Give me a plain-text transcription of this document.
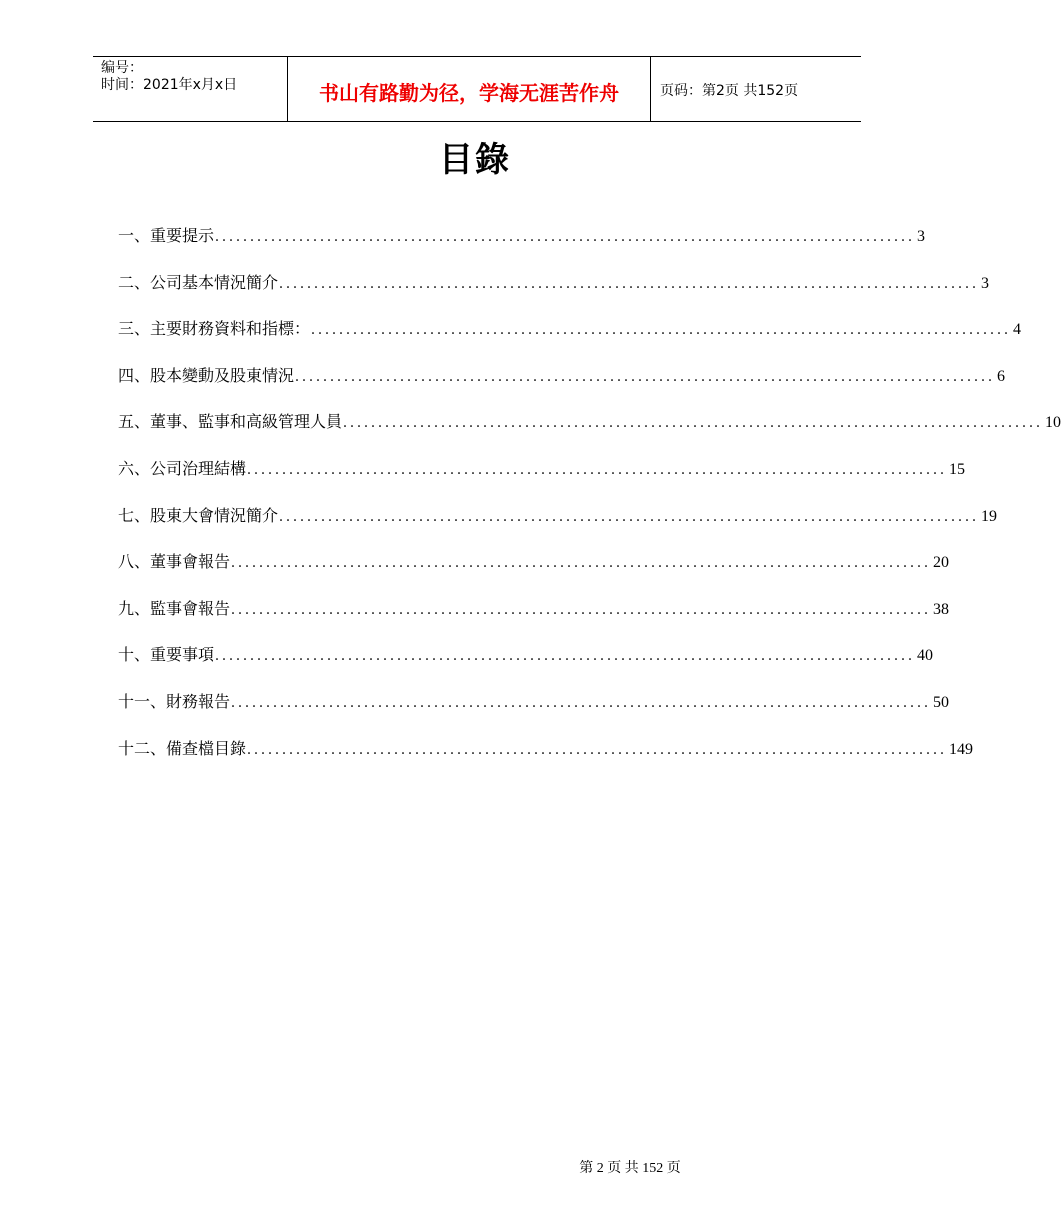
编号：
时间：2021年x月x日	书山有路勤为径，学海无涯苦作舟	页码：第2页 共152页
目錄
一、重要提示 .................................................................................................... 3
二、公司基本情況簡介 .................................................................................................... 3
三、主要財務資料和指標： .................................................................................................... 4
四、股本變動及股東情況 .................................................................................................... 6
五、董事、監事和高級管理人員 .................................................................................................... 10
六、公司治理結構 .................................................................................................... 15
七、股東大會情況簡介 .................................................................................................... 19
八、董事會報告 .................................................................................................... 20
九、監事會報告 .................................................................................................... 38
十、重要事項 .................................................................................................... 40
十一、財務報告 .................................................................................................... 50
十二、備查檔目錄 .................................................................................................... 149
第 2 页 共 152 页
